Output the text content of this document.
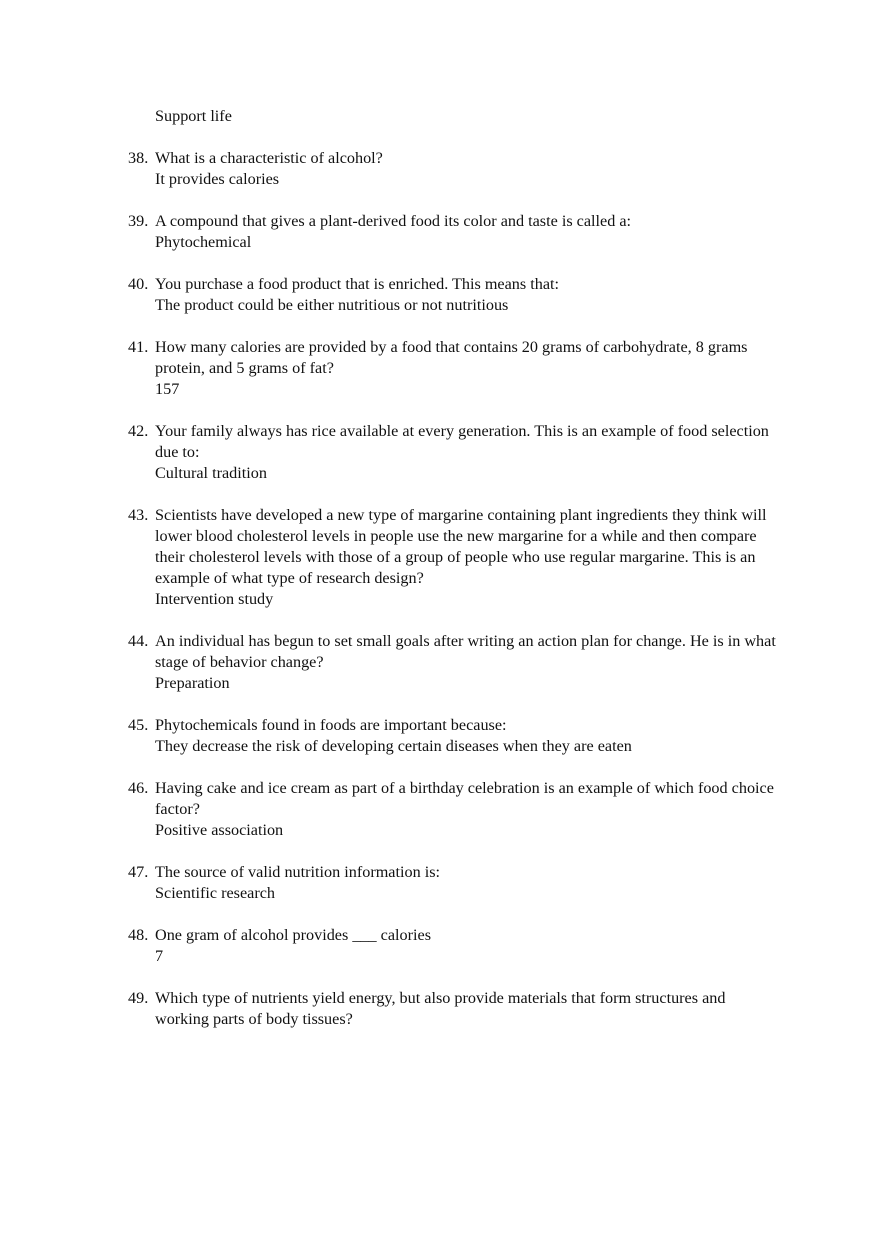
Support life
38. What is a characteristic of alcohol?
It provides calories
39. A compound that gives a plant-derived food its color and taste is called a:
Phytochemical
40. You purchase a food product that is enriched. This means that:
The product could be either nutritious or not nutritious
41. How many calories are provided by a food that contains 20 grams of carbohydrate, 8 grams protein, and 5 grams of fat?
157
42. Your family always has rice available at every generation. This is an example of food selection due to:
Cultural tradition
43. Scientists have developed a new type of margarine containing plant ingredients they think will lower blood cholesterol levels in people use the new margarine for a while and then compare their cholesterol levels with those of a group of people who use regular margarine. This is an example of what type of research design?
Intervention study
44. An individual has begun to set small goals after writing an action plan for change. He is in what stage of behavior change?
Preparation
45. Phytochemicals found in foods are important because:
They decrease the risk of developing certain diseases when they are eaten
46. Having cake and ice cream as part of a birthday celebration is an example of which food choice factor?
Positive association
47. The source of valid nutrition information is:
Scientific research
48. One gram of alcohol provides ___ calories
7
49. Which type of nutrients yield energy, but also provide materials that form structures and working parts of body tissues?
